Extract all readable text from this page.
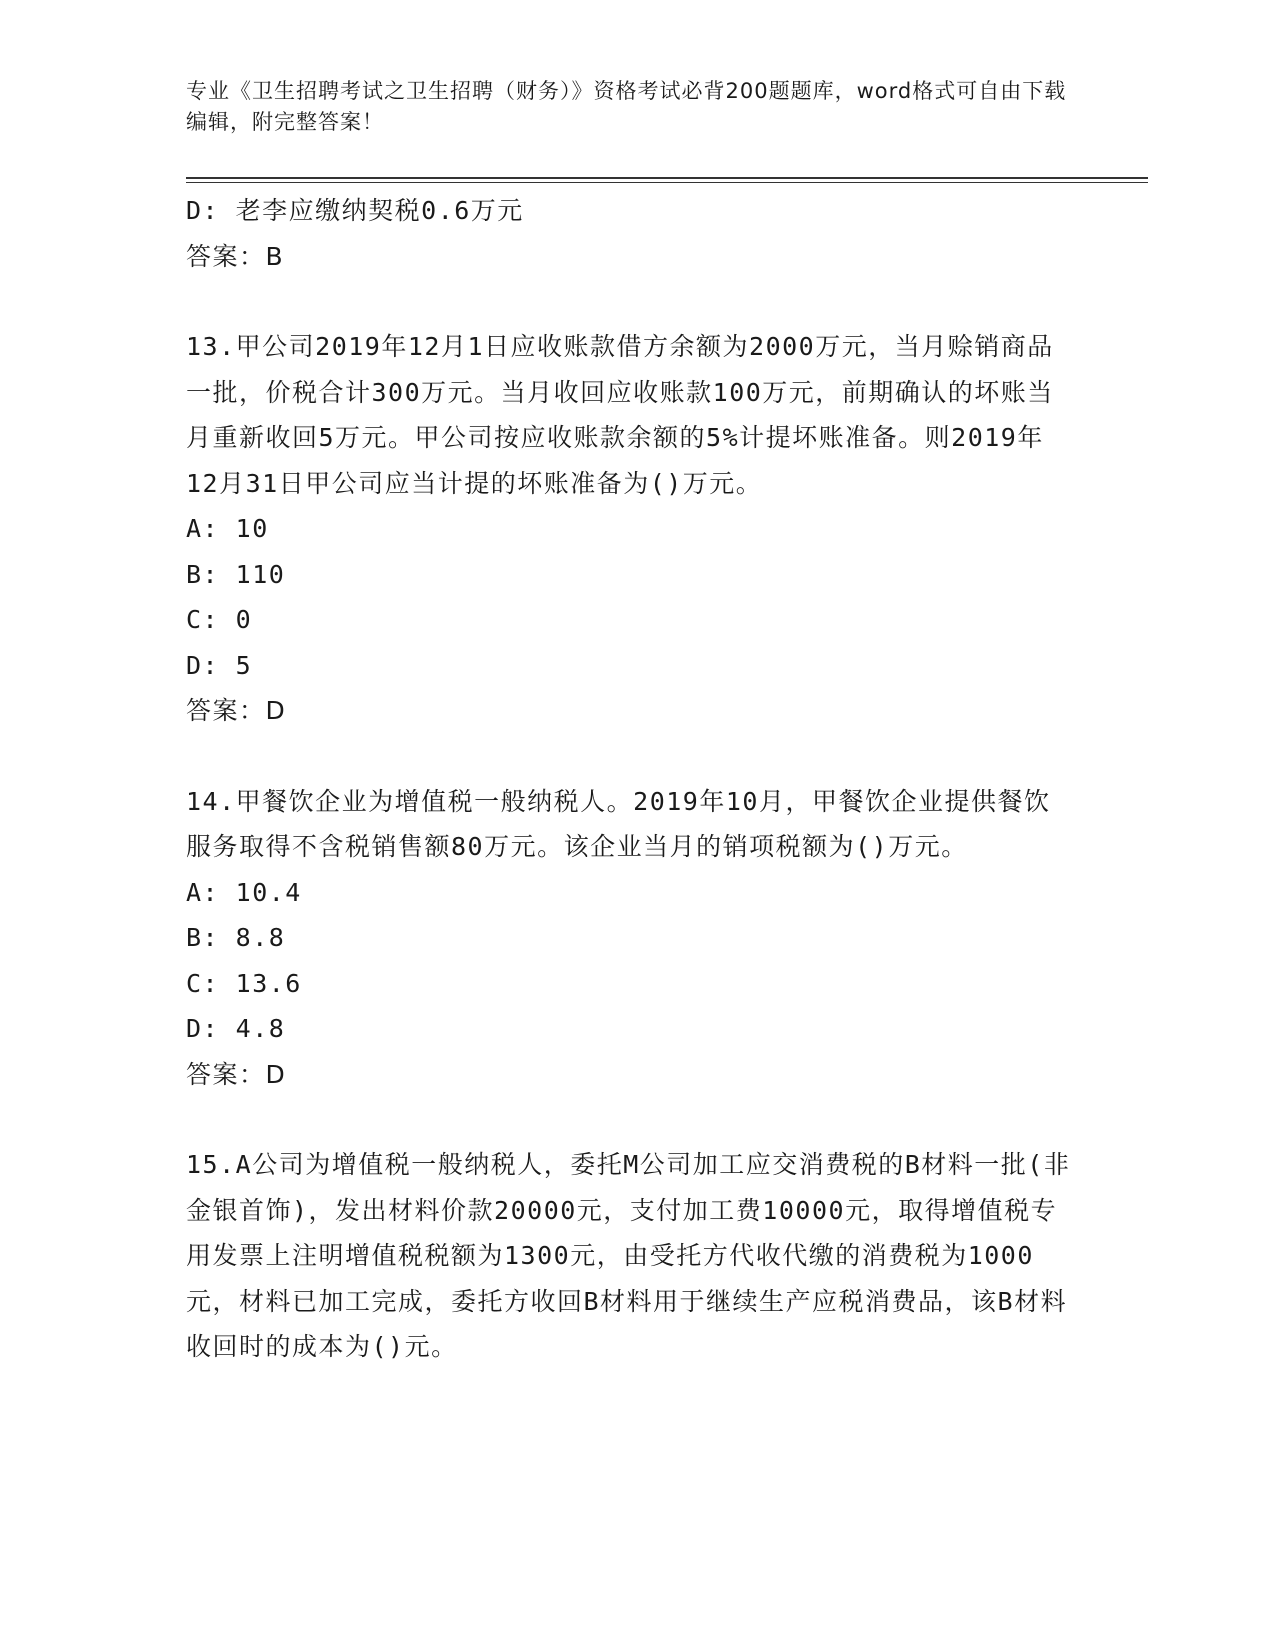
专业《卫生招聘考试之卫生招聘（财务）》资格考试必背200题题库，word格式可自由下载编辑，附完整答案！
D: 老李应缴纳契税0.6万元
答案：B
13.甲公司2019年12月1日应收账款借方余额为2000万元，当月赊销商品一批，价税合计300万元。当月收回应收账款100万元，前期确认的坏账当月重新收回5万元。甲公司按应收账款余额的5%计提坏账准备。则2019年12月31日甲公司应当计提的坏账准备为()万元。
A: 10
B: 110
C: 0
D: 5
答案：D
14.甲餐饮企业为增值税一般纳税人。2019年10月，甲餐饮企业提供餐饮服务取得不含税销售额80万元。该企业当月的销项税额为()万元。
A: 10.4
B: 8.8
C: 13.6
D: 4.8
答案：D
15.A公司为增值税一般纳税人，委托M公司加工应交消费税的B材料一批(非金银首饰)，发出材料价款20000元，支付加工费10000元，取得增值税专用发票上注明增值税税额为1300元，由受托方代收代缴的消费税为1000元，材料已加工完成，委托方收回B材料用于继续生产应税消费品，该B材料收回时的成本为()元。
